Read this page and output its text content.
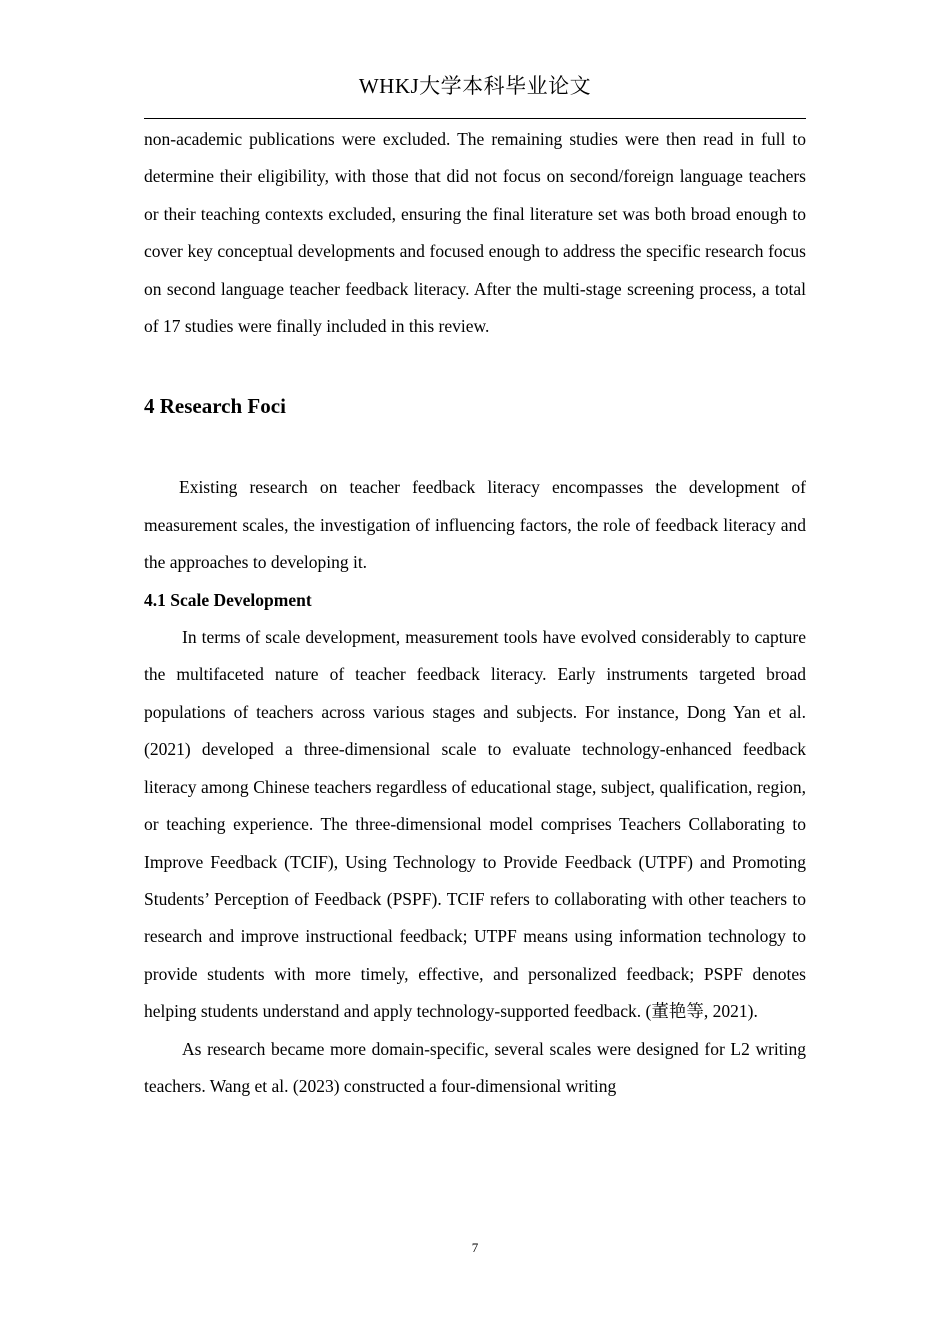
WHKJ大学本科毕业论文

non-academic publications were excluded. The remaining studies were then read in full to determine their eligibility, with those that did not focus on second/foreign language teachers or their teaching contexts excluded, ensuring the final literature set was both broad enough to cover key conceptual developments and focused enough to address the specific research focus on second language teacher feedback literacy. After the multi-stage screening process, a total of 17 studies were finally included in this review.

4 Research Foci

Existing research on teacher feedback literacy encompasses the development of measurement scales, the investigation of influencing factors, the role of feedback literacy and the approaches to developing it.

4.1 Scale Development

In terms of scale development, measurement tools have evolved considerably to capture the multifaceted nature of teacher feedback literacy. Early instruments targeted broad populations of teachers across various stages and subjects. For instance, Dong Yan et al. (2021) developed a three-dimensional scale to evaluate technology-enhanced feedback literacy among Chinese teachers regardless of educational stage, subject, qualification, region, or teaching experience. The three-dimensional model comprises Teachers Collaborating to Improve Feedback (TCIF), Using Technology to Provide Feedback (UTPF) and Promoting Students’ Perception of Feedback (PSPF). TCIF refers to collaborating with other teachers to research and improve instructional feedback; UTPF means using information technology to provide students with more timely, effective, and personalized feedback; PSPF denotes helping students understand and apply technology-supported feedback. (董艳等, 2021).

As research became more domain-specific, several scales were designed for L2 writing teachers. Wang et al. (2023) constructed a four-dimensional writing

7
